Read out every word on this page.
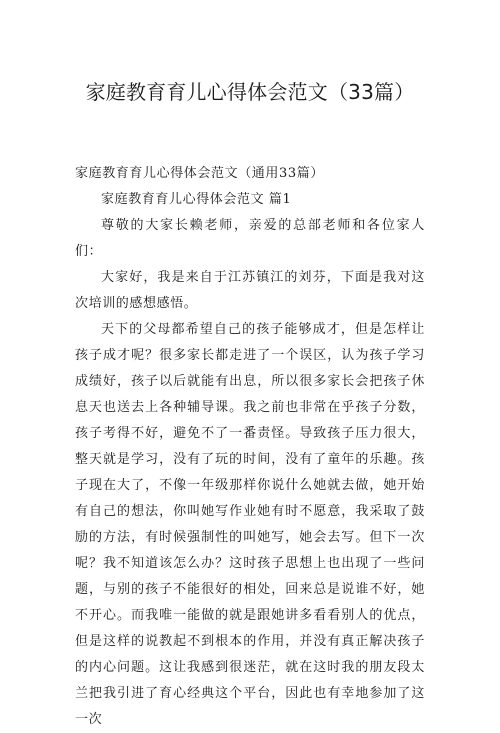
家庭教育育儿心得体会范文（33篇）

家庭教育育儿心得体会范文（通用33篇）

家庭教育育儿心得体会范文 篇1

尊敬的大家长赖老师，亲爱的总部老师和各位家人们：

大家好，我是来自于江苏镇江的刘芬，下面是我对这次培训的感想感悟。

天下的父母都希望自己的孩子能够成才，但是怎样让孩子成才呢？很多家长都走进了一个误区，认为孩子学习成绩好，孩子以后就能有出息，所以很多家长会把孩子休息天也送去上各种辅导课。我之前也非常在乎孩子分数，孩子考得不好，避免不了一番责怪。导致孩子压力很大，整天就是学习，没有了玩的时间，没有了童年的乐趣。孩子现在大了，不像一年级那样你说什么她就去做，她开始有自己的想法，你叫她写作业她有时不愿意，我采取了鼓励的方法，有时候强制性的叫她写，她会去写。但下一次呢？我不知道该怎么办？这时孩子思想上也出现了一些问题，与别的孩子不能很好的相处，回来总是说谁不好，她不开心。而我唯一能做的就是跟她讲多看看别人的优点，但是这样的说教起不到根本的作用，并没有真正解决孩子的内心问题。这让我感到很迷茫，就在这时我的朋友段太兰把我引进了育心经典这个平台，因此也有幸地参加了这一次
